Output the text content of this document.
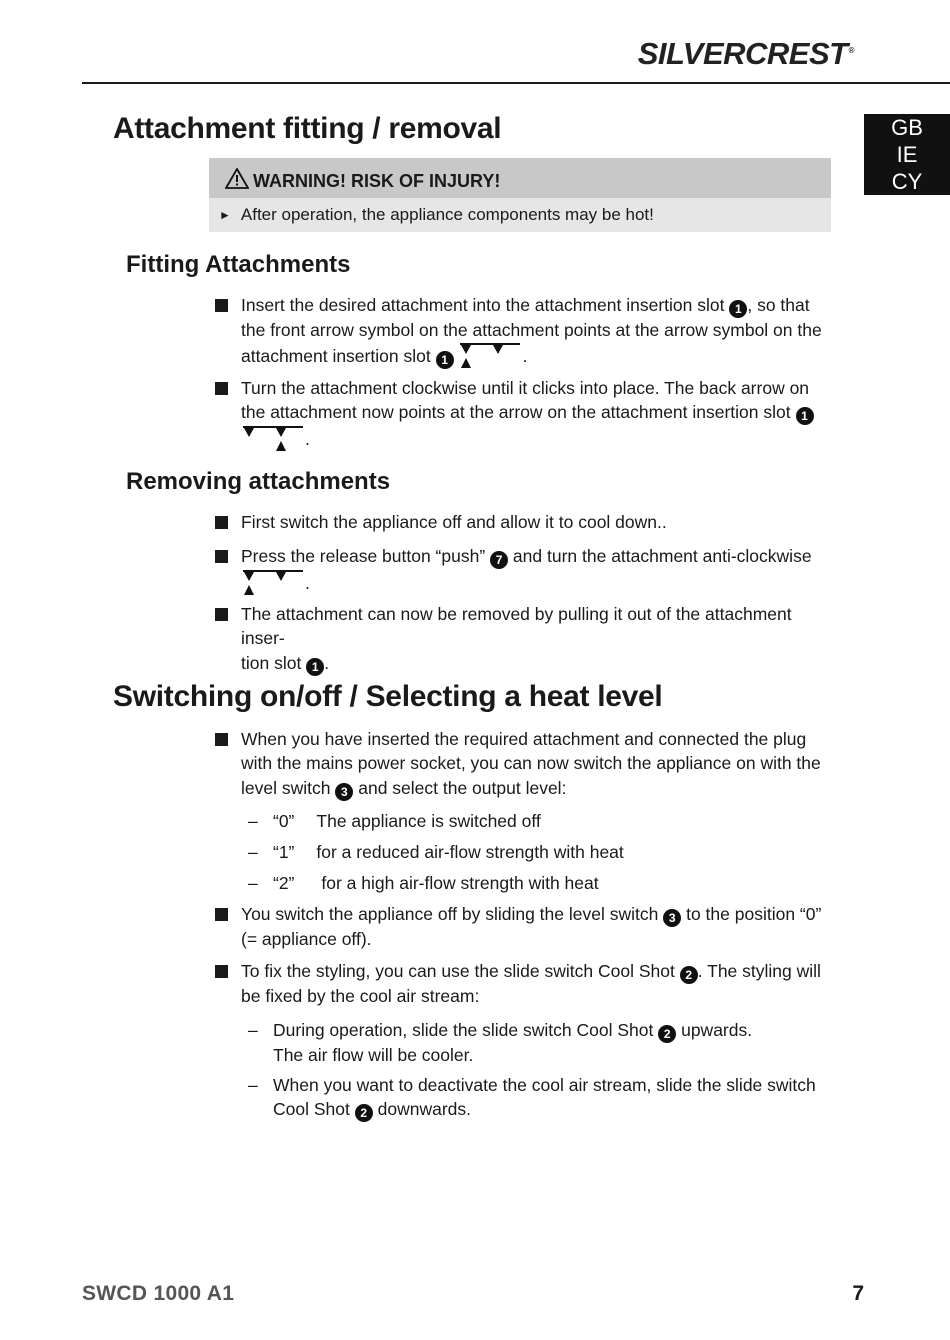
SILVERCREST®
GB
IE
CY
Attachment fitting / removal
WARNING! RISK OF INJURY!
► After operation, the appliance components may be hot!
Fitting Attachments
Insert the desired attachment into the attachment insertion slot 1 , so that
the front arrow symbol on the attachment points at the arrow symbol on the
attachment insertion slot 1	.
Turn the attachment clockwise until it clicks into place. The back arrow on
the attachment now points at the arrow on the attachment insertion slot 1
.
Removing attachments
First switch the appliance off and allow it to cool down..
Press the release button “push” 7 and turn the attachment anti-clockwise
.
The attachment can now be removed by pulling it out of the attachment inser-
tion slot 1 .
Switching on/off / Selecting a heat level
When you have inserted the required attachment and connected the plug
with the mains power socket, you can now switch the appliance on with the
level switch 3 and select the output level:
– “0” The appliance is switched off
– “1” for a reduced air-flow strength with heat
– “2” for a high air-flow strength with heat
You switch the appliance off by sliding the level switch 3 to the position “0”
(= appliance off).
To fix the styling, you can use the slide switch Cool Shot 2 . The styling will
be fixed by the cool air stream:
– During operation, slide the slide switch Cool Shot 2 upwards.
The air flow will be cooler.
– When you want to deactivate the cool air stream, slide the slide switch
Cool Shot 2 downwards.
SWCD 1000 A1	7
